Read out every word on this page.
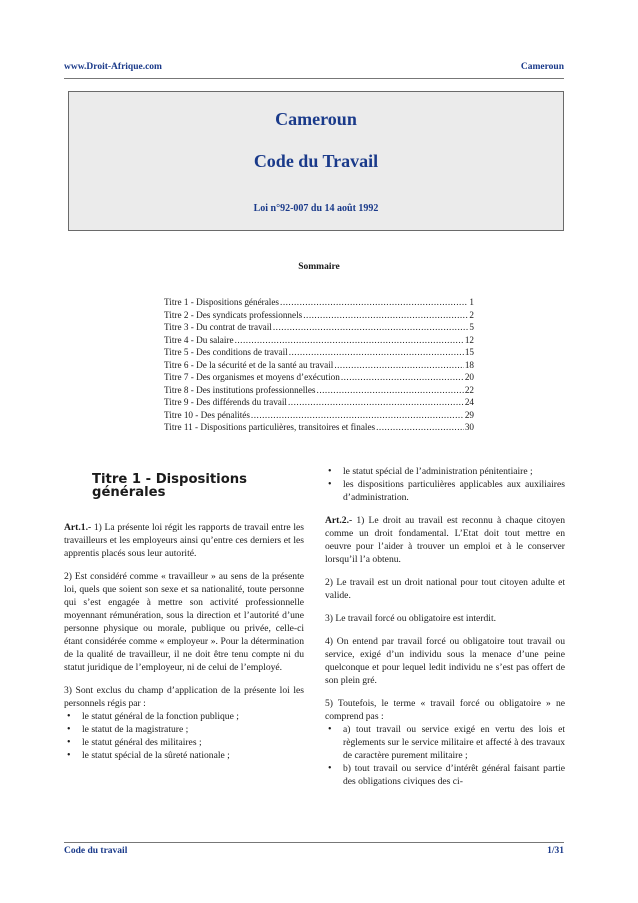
www.Droit-Afrique.com	Cameroun
Cameroun
Code du Travail
Loi n°92-007 du 14 août 1992
Sommaire
Titre 1 - Dispositions générales .....	1
Titre 2 - Des syndicats professionnels .....	2
Titre 3 - Du contrat de travail .....	5
Titre 4 - Du salaire .....	12
Titre 5 - Des conditions de travail .....	15
Titre 6 - De la sécurité et de la santé au travail .....	18
Titre 7 - Des organismes et moyens d’exécution .....	20
Titre 8 - Des institutions professionnelles .....	22
Titre 9 - Des différends du travail .....	24
Titre 10 - Des pénalités .....	29
Titre 11 - Dispositions particulières, transitoires et finales .....	30
Titre 1 - Dispositions générales

Art.1.- 1) La présente loi régit les rapports de travail entre les travailleurs et les employeurs ainsi qu’entre ces derniers et les apprentis placés sous leur autorité.

2) Est considéré comme « travailleur » au sens de la présente loi, quels que soient son sexe et sa nationalité, toute personne qui s’est engagée à mettre son activité professionnelle moyennant rémunération, sous la direction et l’autorité d’une personne physique ou morale, publique ou privée, celle-ci étant considérée comme « employeur ». Pour la détermination de la qualité de travailleur, il ne doit être tenu compte ni du statut juridique de l’employeur, ni de celui de l’employé.

3) Sont exclus du champ d’application de la présente loi les personnels régis par :

• le statut général de la fonction publique ;
• le statut de la magistrature ;
• le statut général des militaires ;
• le statut spécial de la sûreté nationale ;
• le statut spécial de l’administration pénitentiaire ;
• les dispositions particulières applicables aux auxiliaires d’administration.

Art.2.- 1) Le droit au travail est reconnu à chaque citoyen comme un droit fondamental. L’Etat doit tout mettre en oeuvre pour l’aider à trouver un emploi et à le conserver lorsqu’il l’a obtenu.

2) Le travail est un droit national pour tout citoyen adulte et valide.

3) Le travail forcé ou obligatoire est interdit.

4) On entend par travail forcé ou obligatoire tout travail ou service, exigé d’un individu sous la menace d’une peine quelconque et pour lequel ledit individu ne s’est pas offert de son plein gré.

5) Toutefois, le terme « travail forcé ou obligatoire » ne comprend pas :

• a) tout travail ou service exigé en vertu des lois et règlements sur le service militaire et affecté à des travaux de caractère purement militaire ;
• b) tout travail ou service d’intérêt général faisant partie des obligations civiques des ci-
Code du travail	1/31
